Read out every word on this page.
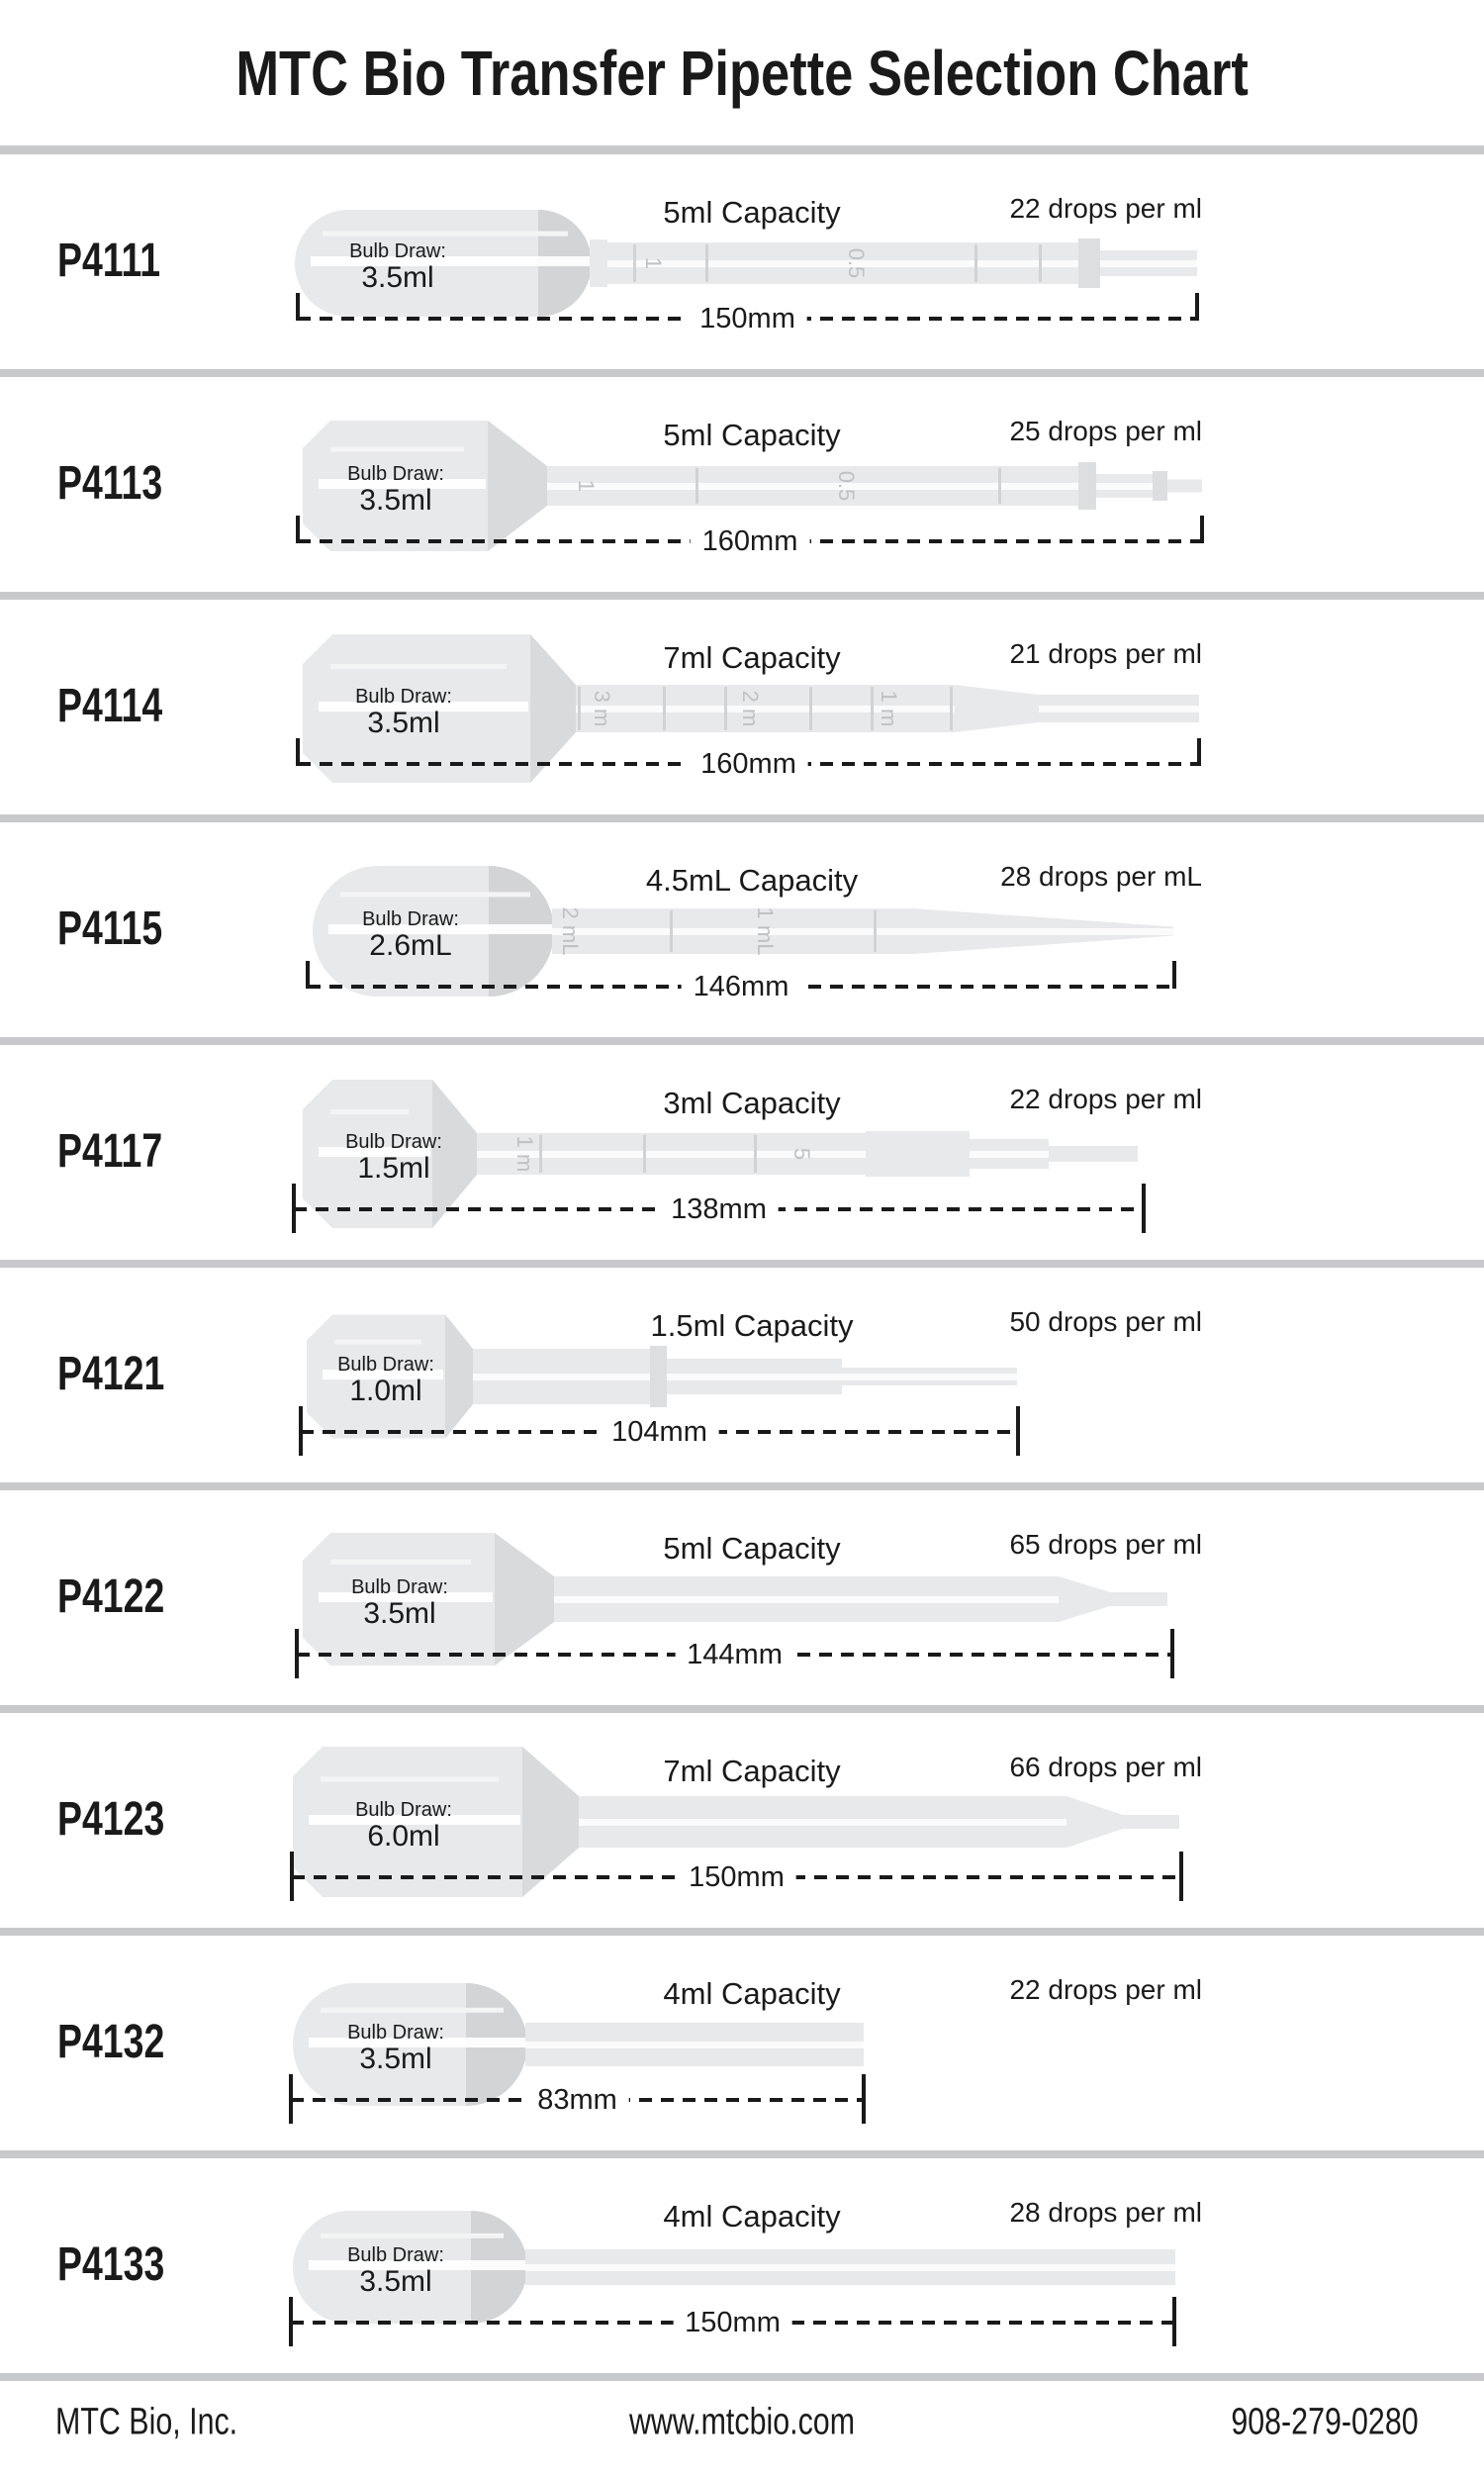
MTC Bio Transfer Pipette Selection Chart
1	0.5
P4111
5ml Capacity	22 drops per ml
Bulb Draw:
3.5ml
150mm
1	0.5
P4113
5ml Capacity	25 drops per ml
Bulb Draw:
3.5ml
160mm
3 m	2 m	1 m
P4114
7ml Capacity	21 drops per ml
Bulb Draw:
3.5ml
160mm
2 mL	1 mL
P4115
4.5mL Capacity	28 drops per mL
Bulb Draw:
2.6mL
146mm
1 m	5
P4117
3ml Capacity	22 drops per ml
Bulb Draw:
1.5ml
138mm
P4121
1.5ml Capacity	50 drops per ml
Bulb Draw:
1.0ml
104mm
P4122
5ml Capacity	65 drops per ml
Bulb Draw:
3.5ml
144mm
P4123
7ml Capacity	66 drops per ml
Bulb Draw:
6.0ml
150mm
P4132
4ml Capacity	22 drops per ml
Bulb Draw:
3.5ml
83mm
P4133
4ml Capacity	28 drops per ml
Bulb Draw:
3.5ml
150mm
MTC Bio, Inc.	www.mtcbio.com	908-279-0280
